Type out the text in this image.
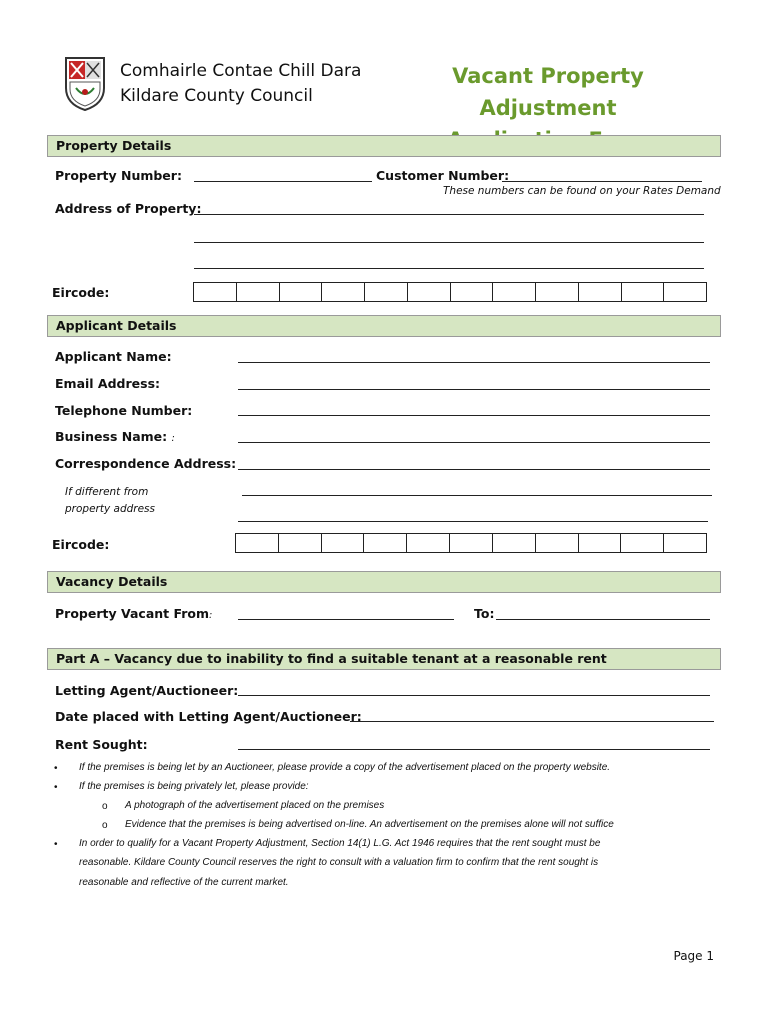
Comhairle Contae Chill Dara
Kildare County Council
Vacant Property Adjustment
Property Details
Property Number:	Customer Number:
These numbers can be found on your Rates Demand
Address of Property:
Eircode:
Applicant Details
Applicant Name:
Email Address:
Telephone Number:
Business Name: :
Correspondence Address:
If different from
property address
Eircode:
Vacancy Details
Property Vacant From:	To:
Part A – Vacancy due to inability to find a suitable tenant at a reasonable rent
Letting Agent/Auctioneer:
Date placed with Letting Agent/Auctioneer:
Rent Sought:
• If the premises is being let by an Auctioneer, please provide a copy of the advertisement placed on the property website.
• If the premises is being privately let, please provide:
o A photograph of the advertisement placed on the premises
o Evidence that the premises is being advertised on-line. An advertisement on the premises alone will not suffice
• In order to qualify for a Vacant Property Adjustment, Section 14(1) L.G. Act 1946 requires that the rent sought must be
reasonable. Kildare County Council reserves the right to consult with a valuation firm to confirm that the rent sought is
reasonable and reflective of the current market.
Page 1
